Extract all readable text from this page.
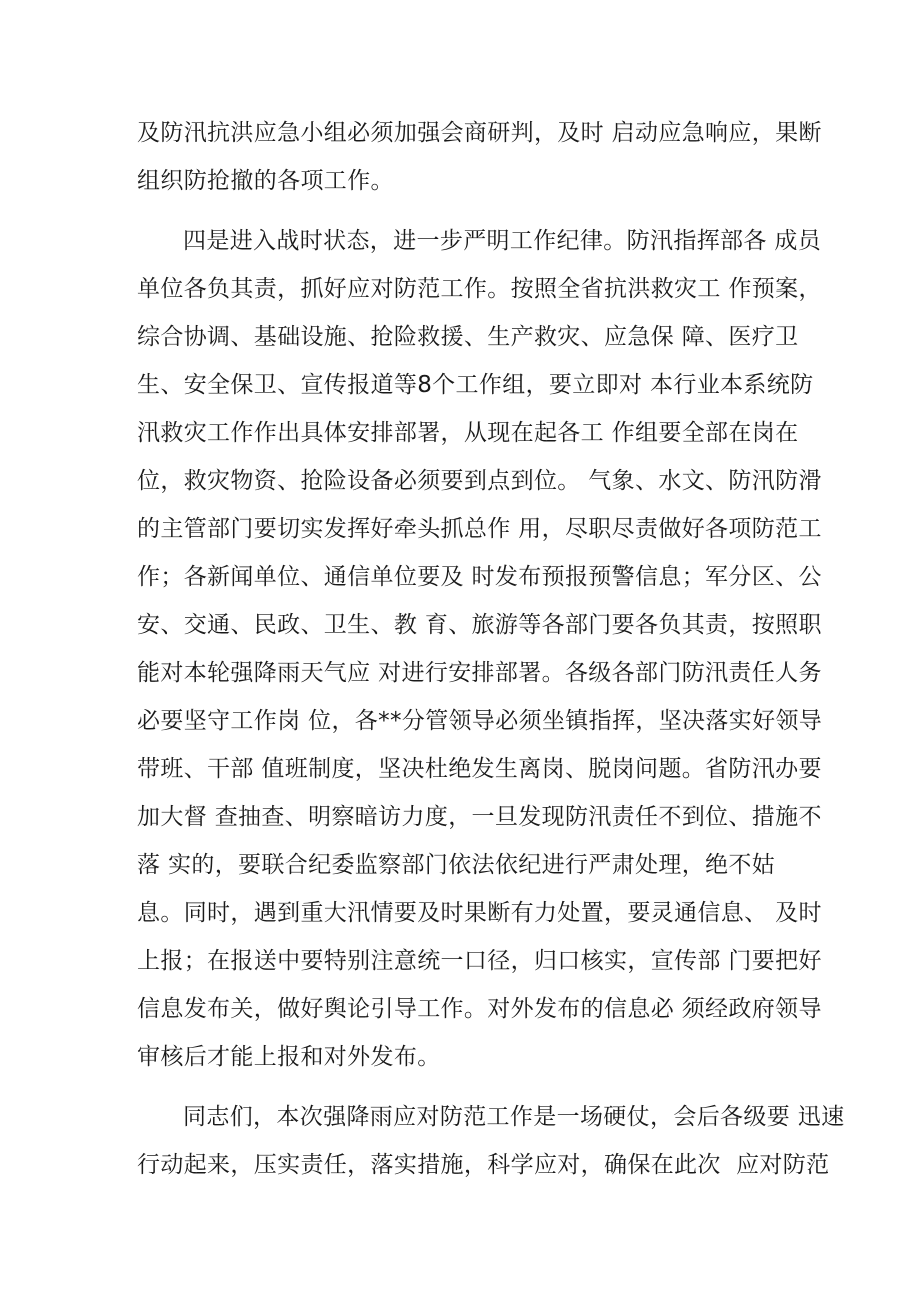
及防汛抗洪应急小组必须加强会商研判，及时 启动应急响应，果断

组织防抢撤的各项工作。

四是进入战时状态，进一步严明工作纪律。防汛指挥部各 成员

单位各负其责，抓好应对防范工作。按照全省抗洪救灾工 作预案，

综合协调、基础设施、抢险救援、生产救灾、应急保 障、医疗卫

生、安全保卫、宣传报道等8个工作组，要立即对 本行业本系统防

汛救灾工作作出具体安排部署，从现在起各工 作组要全部在岗在

位，救灾物资、抢险设备必须要到点到位。 气象、水文、防汛防滑

的主管部门要切实发挥好牵头抓总作 用，尽职尽责做好各项防范工

作；各新闻单位、通信单位要及 时发布预报预警信息；军分区、公

安、交通、民政、卫生、教 育、旅游等各部门要各负其责，按照职

能对本轮强降雨天气应 对进行安排部署。各级各部门防汛责任人务

必要坚守工作岗 位，各**分管领导必须坐镇指挥，坚决落实好领导

带班、干部 值班制度，坚决杜绝发生离岗、脱岗问题。省防汛办要

加大督 查抽查、明察暗访力度，一旦发现防汛责任不到位、措施不

落 实的，要联合纪委监察部门依法依纪进行严肃处理，绝不姑

息。同时，遇到重大汛情要及时果断有力处置，要灵通信息、 及时

上报；在报送中要特别注意统一口径，归口核实，宣传部 门要把好

信息发布关，做好舆论引导工作。对外发布的信息必 须经政府领导

审核后才能上报和对外发布。

同志们，本次强降雨应对防范工作是一场硬仗，会后各级要 迅速

行动起来，压实责任，落实措施，科学应对，确保在此次  应对防范
